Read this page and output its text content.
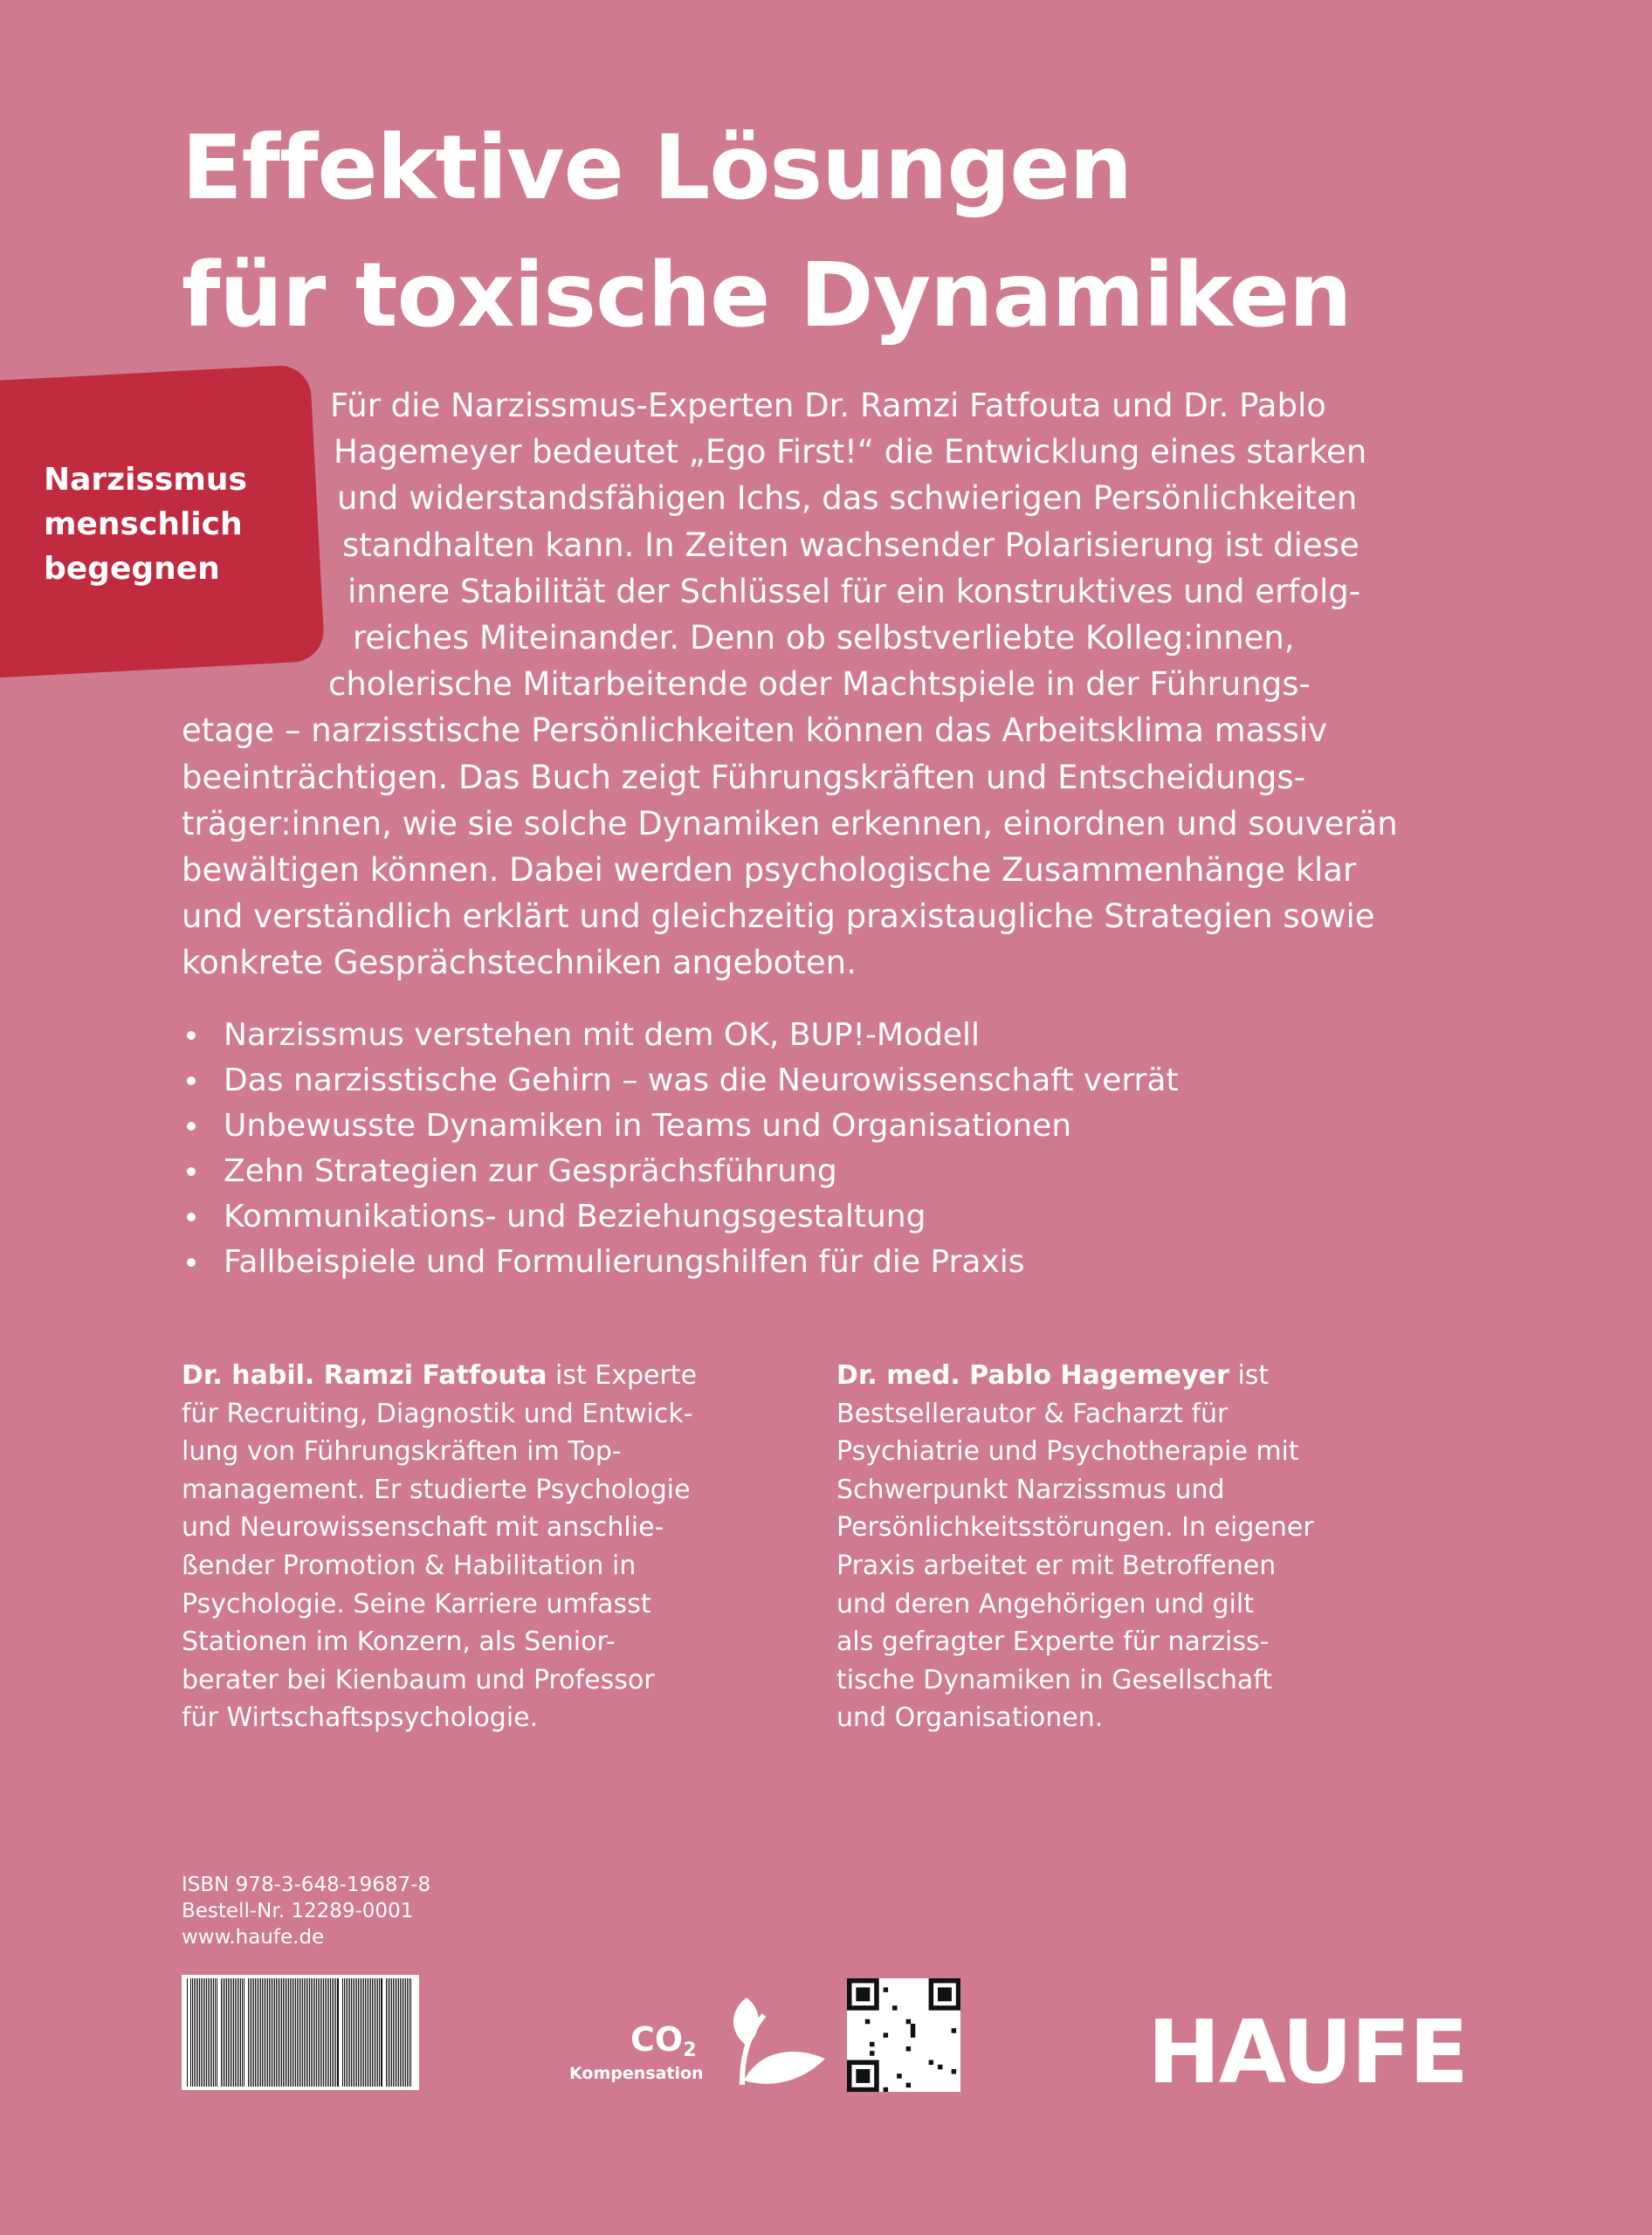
Effektive Lösungen
für toxische Dynamiken
Narzissmus
menschlich
begegnen
Für die Narzissmus-Experten Dr. Ramzi Fatfouta und Dr. Pablo
Hagemeyer bedeutet „Ego First!“ die Entwicklung eines starken
und widerstandsfähigen Ichs, das schwierigen Persönlichkeiten
standhalten kann. In Zeiten wachsender Polarisierung ist diese
innere Stabilität der Schlüssel für ein konstruktives und erfolg-
reiches Miteinander. Denn ob selbstverliebte Kolleg:innen,
cholerische Mitarbeitende oder Machtspiele in der Führungs-
etage – narzisstische Persönlichkeiten können das Arbeitsklima massiv
beeinträchtigen. Das Buch zeigt Führungskräften und Entscheidungs-
träger:innen, wie sie solche Dynamiken erkennen, einordnen und souverän
bewältigen können. Dabei werden psychologische Zusammenhänge klar
und verständlich erklärt und gleichzeitig praxistaugliche Strategien sowie
konkrete Gesprächstechniken angeboten.
Narzissmus verstehen mit dem OK, BUP!-Modell
Das narzisstische Gehirn – was die Neurowissenschaft verrät
Unbewusste Dynamiken in Teams und Organisationen
Zehn Strategien zur Gesprächsführung
Kommunikations- und Beziehungsgestaltung
Fallbeispiele und Formulierungshilfen für die Praxis
Dr. habil. Ramzi Fatfouta ist Experte
für Recruiting, Diagnostik und Entwick-
lung von Führungskräften im Top-
management. Er studierte Psychologie
und Neurowissenschaft mit anschlie-
ßender Promotion & Habilitation in
Psychologie. Seine Karriere umfasst
Stationen im Konzern, als Senior-
berater bei Kienbaum und Professor
für Wirtschaftspsychologie.
Dr. med. Pablo Hagemeyer ist
Bestsellerautor & Facharzt für
Psychiatrie und Psychotherapie mit
Schwerpunkt Narzissmus und
Persönlichkeitsstörungen. In eigener
Praxis arbeitet er mit Betroffenen
und deren Angehörigen und gilt
als gefragter Experte für narziss-
tische Dynamiken in Gesellschaft
und Organisationen.
ISBN 978-3-648-19687-8
Bestell-Nr. 12289-0001
www.haufe.de
$CO_2$
Kompensation	HAUFE
